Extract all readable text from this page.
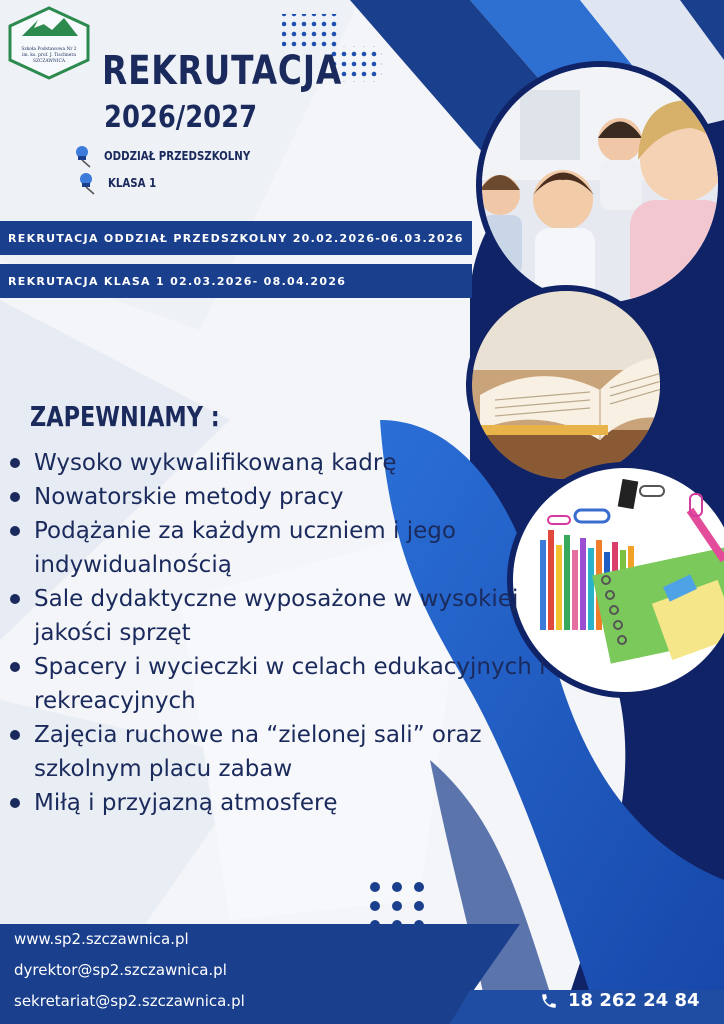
Szkoła Podstawowa Nr 2
im. ks. prof. J. Tischnera
SZCZAWNICA REKRUTACJA
2026/2027
ODDZIAŁ PRZEDSZKOLNY
KLASA 1
REKRUTACJA ODDZIAŁ PRZEDSZKOLNY 20.02.2026-06.03.2026
REKRUTACJA KLASA 1 02.03.2026- 08.04.2026
ZAPEWNIAMY :
Wysoko wykwalifikowaną kadrę
Nowatorskie metody pracy
Podążanie za każdym uczniem i jego indywidualnością
Sale dydaktyczne wyposażone w wysokiej jakości sprzęt
Spacery i wycieczki w celach edukacyjnych i rekreacyjnych
Zajęcia ruchowe na “zielonej sali” oraz szkolnym placu zabaw
Miłą i przyjazną atmosferę
www.sp2.szczawnica.pl
dyrektor@sp2.szczawnica.pl
sekretariat@sp2.szczawnica.pl	18 262 24 84
